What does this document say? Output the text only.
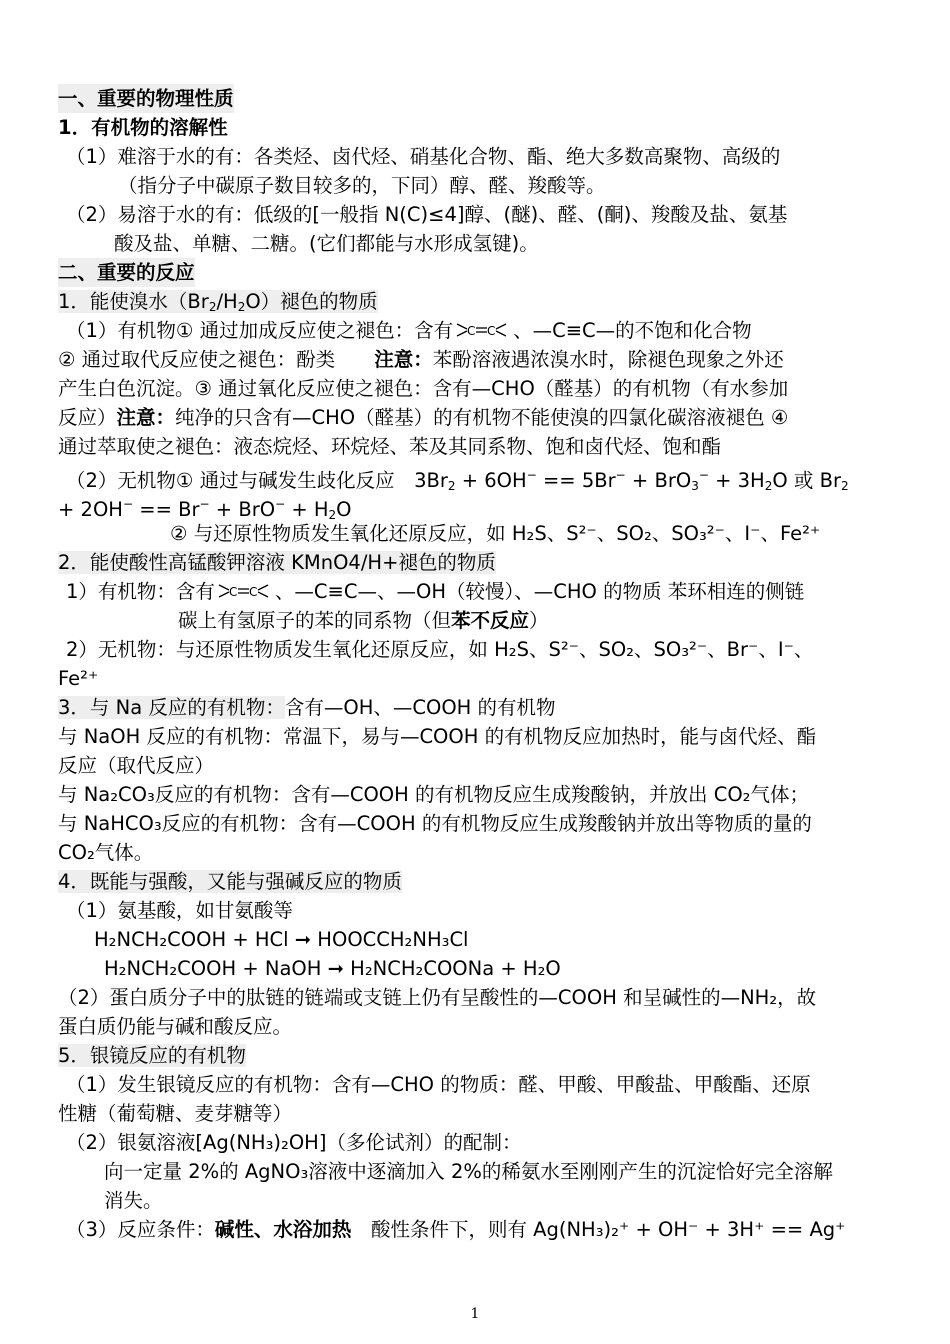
一、重要的物理性质
1．有机物的溶解性
（1）难溶于水的有：各类烃、卤代烃、硝基化合物、酯、绝大多数高聚物、高级的
（指分子中碳原子数目较多的，下同）醇、醛、羧酸等。
（2）易溶于水的有：低级的[一般指 N(C)≤4]醇、(醚)、醛、(酮)、羧酸及盐、氨基
酸及盐、单糖、二糖。(它们都能与水形成氢键)。
二、重要的反应
1．能使溴水$(Br_2/H_2O)$褪色的物质
（1）有机物① 通过加成反应使之褪色：含有 C C 、—C≡C—的不饱和化合物
② 通过取代反应使之褪色：酚类　　 注意：苯酚溶液遇浓溴水时，除褪色现象之外还
产生白色沉淀。③ 通过氧化反应使之褪色：含有—CHO（醛基）的有机物（有水参加
反应）注意：纯净的只含有—CHO（醛基）的有机物不能使溴的四氯化碳溶液褪色 ④
通过萃取使之褪色：液态烷烃、环烷烃、苯及其同系物、饱和卤代烃、饱和酯
（2）无机物① 通过与碱发生歧化反应　$3Br_2 + 6OH^- == 5Br^- + BrO_3^- + 3H_2O$ 或 $Br_2$
+ $2OH^- == Br^- + BrO^- + H_2O$
② 与还原性物质发生氧化还原反应，如 H₂S、S²⁻、SO₂、SO₃²⁻、I⁻、Fe²⁺
2．能使酸性高锰酸钾溶液 KMnO4/H+褪色的物质
1）有机物：含有 C C 、—C≡C—、—OH（较慢）、—CHO 的物质 苯环相连的侧链
碳上有氢原子的苯的同系物（但苯不反应）
2）无机物：与还原性物质发生氧化还原反应，如 H₂S、S²⁻、SO₂、SO₃²⁻、Br⁻、I⁻、
Fe²⁺
3．与 Na 反应的有机物：含有—OH、—COOH 的有机物
与 NaOH 反应的有机物：常温下，易与—COOH 的有机物反应加热时，能与卤代烃、酯
反应（取代反应）
与 Na₂CO₃反应的有机物：含有—COOH 的有机物反应生成羧酸钠，并放出 CO₂气体；
与 NaHCO₃反应的有机物：含有—COOH 的有机物反应生成羧酸钠并放出等物质的量的
CO₂气体。
4．既能与强酸，又能与强碱反应的物质
（1）氨基酸，如甘氨酸等
H₂NCH₂COOH + HCl ➞ HOOCCH₂NH₃Cl
H₂NCH₂COOH + NaOH ➞ H₂NCH₂COONa + H₂O
（2）蛋白质分子中的肽链的链端或支链上仍有呈酸性的—COOH 和呈碱性的—NH₂，故
蛋白质仍能与碱和酸反应。
5．银镜反应的有机物
（1）发生银镜反应的有机物：含有—CHO 的物质：醛、甲酸、甲酸盐、甲酸酯、还原
性糖（葡萄糖、麦芽糖等）
（2）银氨溶液[Ag(NH₃)₂OH]（多伦试剂）的配制：
向一定量 2%的 AgNO₃溶液中逐滴加入 2%的稀氨水至刚刚产生的沉淀恰好完全溶解
消失。
（3）反应条件：碱性、水浴加热　酸性条件下，则有 Ag(NH₃)₂⁺ + OH⁻ + 3H⁺ == Ag⁺
1
